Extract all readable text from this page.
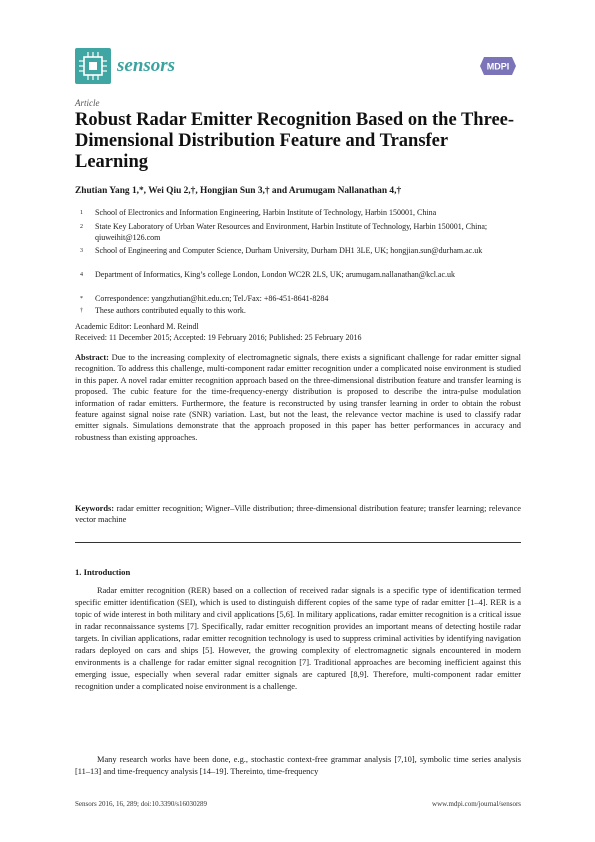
sensors	MDPI
Article
Robust Radar Emitter Recognition Based on the Three-Dimensional Distribution Feature and Transfer Learning
Zhutian Yang 1,*, Wei Qiu 2,†, Hongjian Sun 3,† and Arumugam Nallanathan 4,†
1 School of Electronics and Information Engineering, Harbin Institute of Technology, Harbin 150001, China
2 State Key Laboratory of Urban Water Resources and Environment, Harbin Institute of Technology, Harbin 150001, China; qiuweihit@126.com
3 School of Engineering and Computer Science, Durham University, Durham DH1 3LE, UK; hongjian.sun@durham.ac.uk
4 Department of Informatics, King’s college London, London WC2R 2LS, UK; arumugam.nallanathan@kcl.ac.uk
* Correspondence: yangzhutian@hit.edu.cn; Tel./Fax: +86-451-8641-8284
† These authors contributed equally to this work.
Academic Editor: Leonhard M. Reindl
Received: 11 December 2015; Accepted: 19 February 2016; Published: 25 February 2016
Abstract: Due to the increasing complexity of electromagnetic signals, there exists a significant challenge for radar emitter signal recognition. To address this challenge, multi-component radar emitter recognition under a complicated noise environment is studied in this paper. A novel radar emitter recognition approach based on the three-dimensional distribution feature and transfer learning is proposed. The cubic feature for the time-frequency-energy distribution is proposed to describe the intra-pulse modulation information of radar emitters. Furthermore, the feature is reconstructed by using transfer learning in order to obtain the robust feature against signal noise rate (SNR) variation. Last, but not the least, the relevance vector machine is used to classify radar emitter signals. Simulations demonstrate that the approach proposed in this paper has better performances in accuracy and robustness than existing approaches.
Keywords: radar emitter recognition; Wigner–Ville distribution; three-dimensional distribution feature; transfer learning; relevance vector machine
1. Introduction
Radar emitter recognition (RER) based on a collection of received radar signals is a specific type of identification termed specific emitter identification (SEI), which is used to distinguish different copies of the same type of radar emitter [1–4]. RER is a topic of wide interest in both military and civil applications [5,6]. In military applications, radar emitter recognition is a critical issue in radar reconnaissance systems [7]. Specifically, radar emitter recognition provides an important means of detecting hostile radar targets. In civilian applications, radar emitter recognition technology is used to suppress criminal activities by identifying navigation radars deployed on cars and ships [5]. However, the growing complexity of electromagnetic signals encountered in modern environments is a challenge for radar emitter signal recognition [7]. Traditional approaches are becoming inefficient against this emerging issue, especially when several radar emitter signals are captured [8,9]. Therefore, multi-component radar emitter recognition under a complicated noise environment is a challenge.
Many research works have been done, e.g., stochastic context-free grammar analysis [7,10], symbolic time series analysis [11–13] and time-frequency analysis [14–19]. Thereinto, time-frequency
Sensors 2016, 16, 289; doi:10.3390/s16030289	www.mdpi.com/journal/sensors
